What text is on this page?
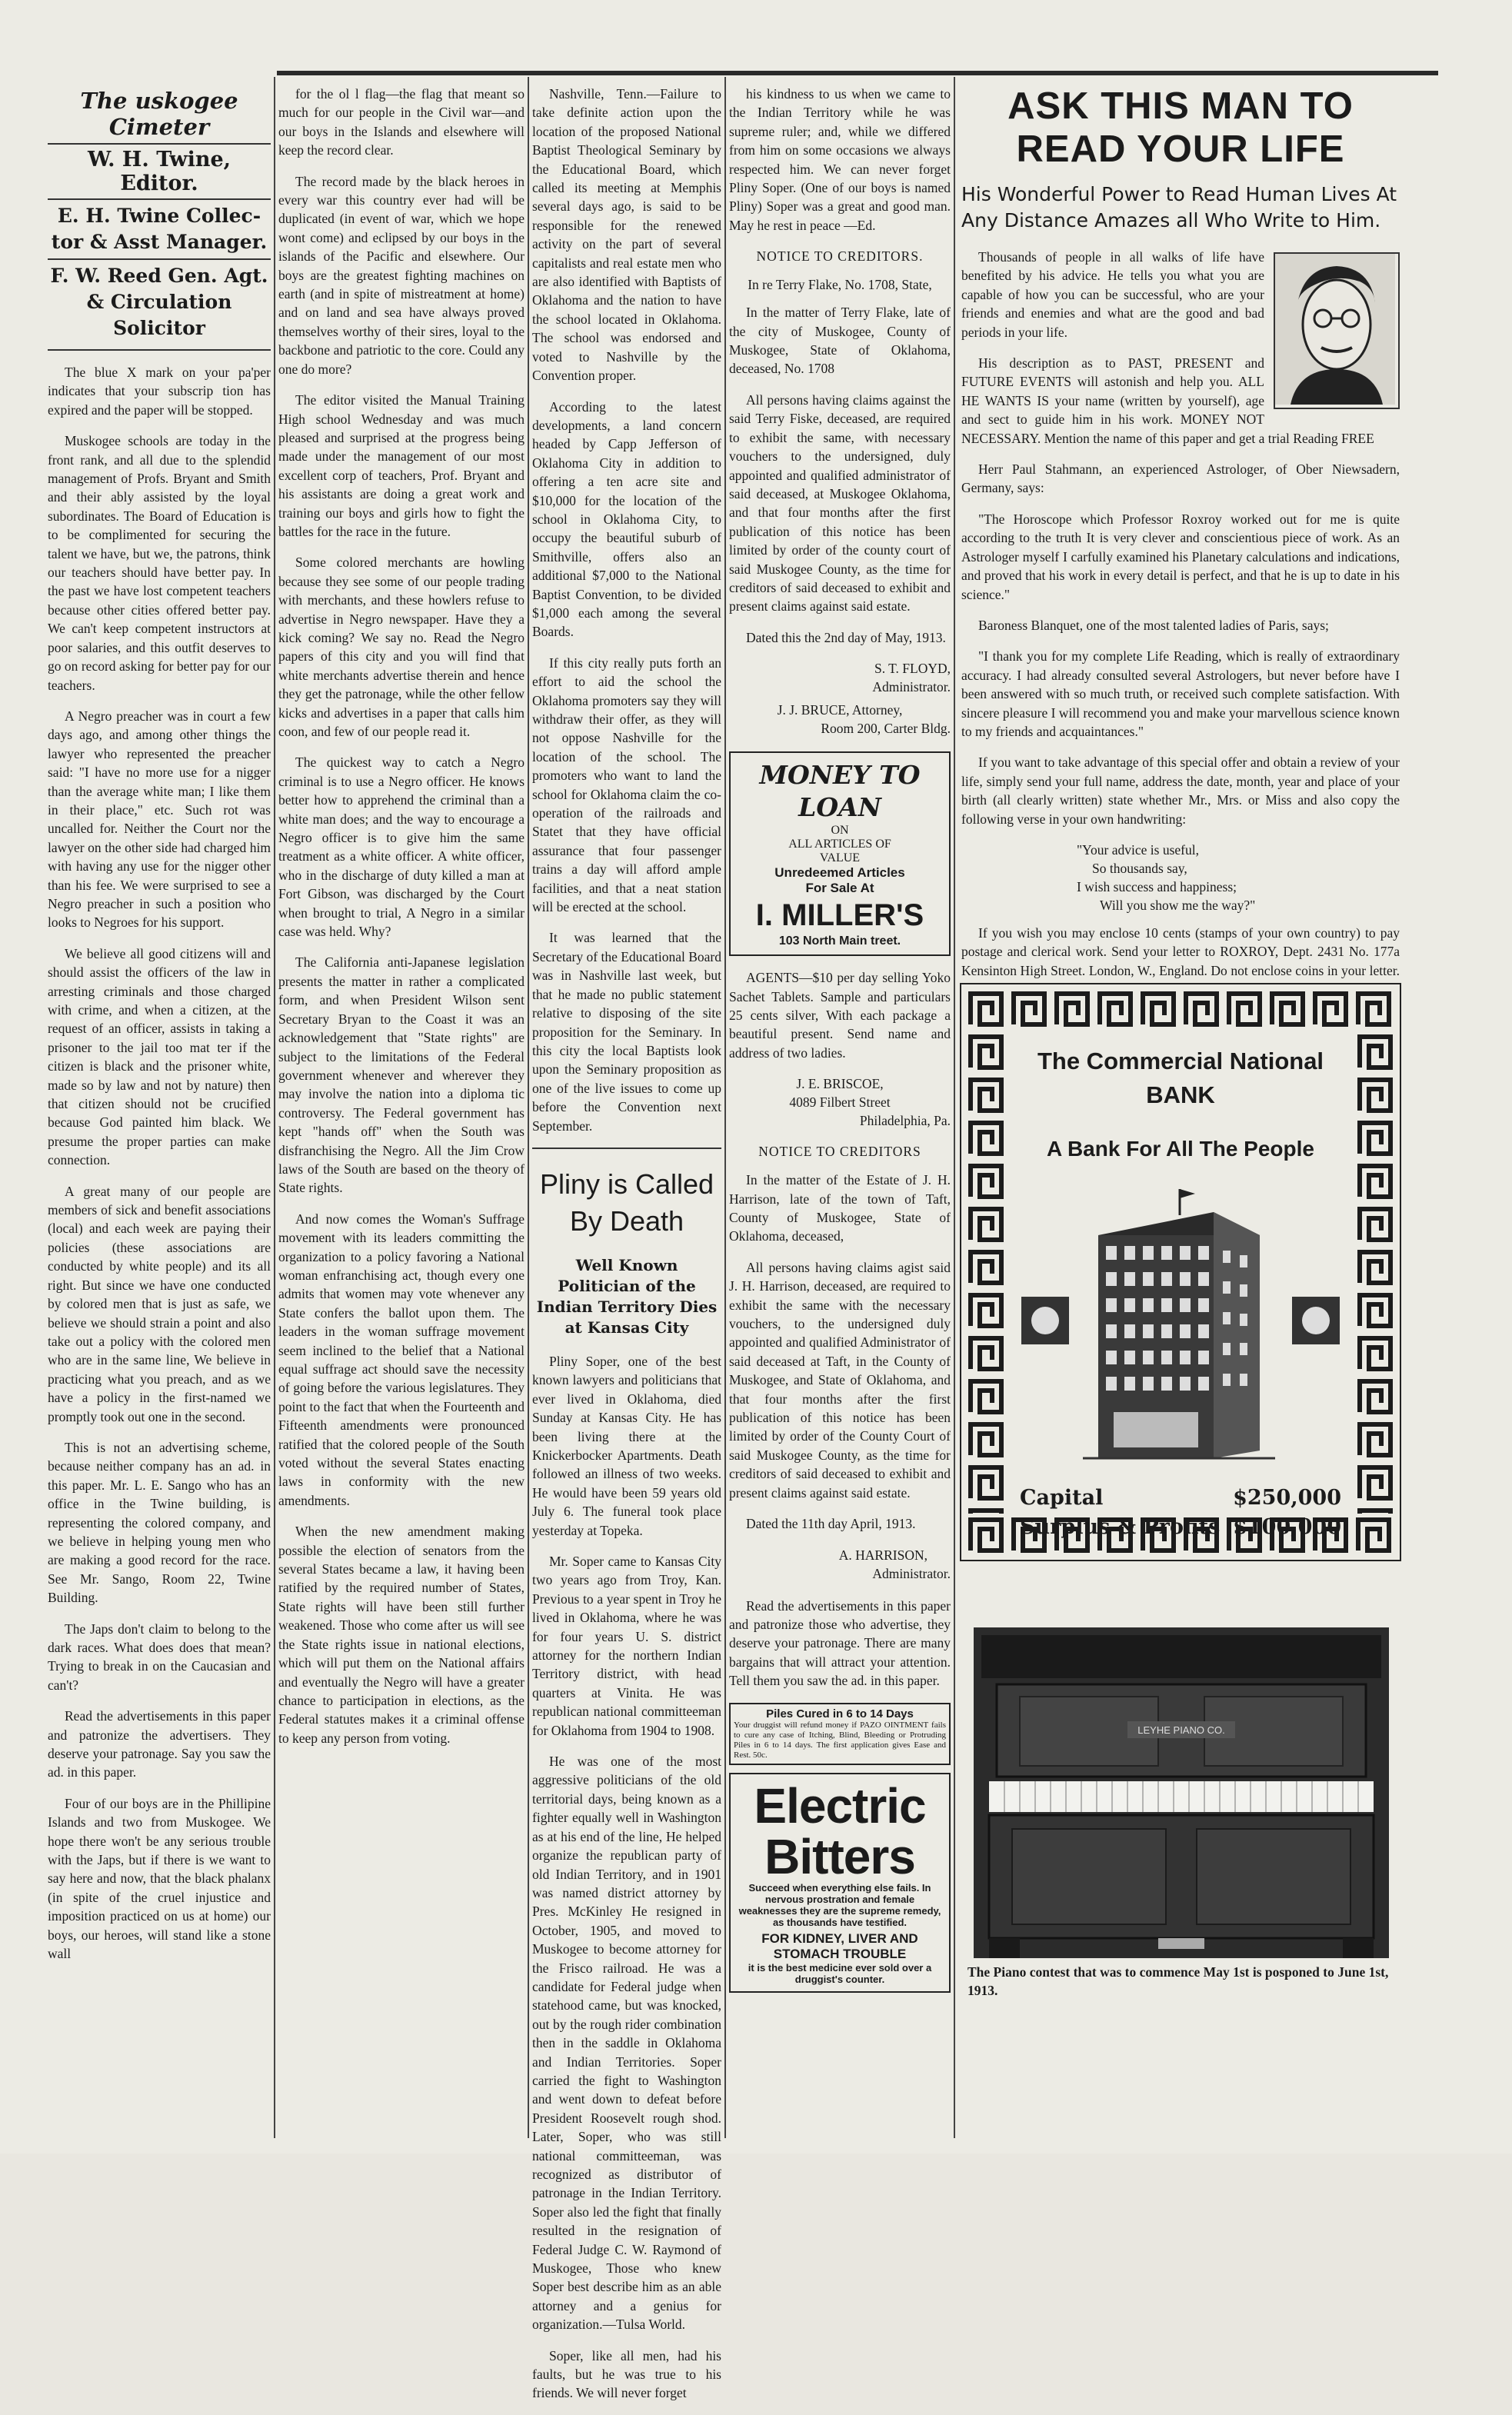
The uskogee Cimeter
W. H. Twine, Editor.
E. H. Twine Collec-
tor & Asst Manager.
F. W. Reed Gen. Agt.
& Circulation Solicitor

The blue X mark on your pa'per indicates that your subscrip tion has expired and the paper will be stopped.

Muskogee schools are today in the front rank, and all due to the splendid management of Profs. Bryant and Smith and their ably assisted by the loyal subordinates. The Board of Education is to be complimented for securing the talent we have, but we, the patrons, think our teachers should have better pay. In the past we have lost competent teachers because other cities offered better pay. We can't keep competent instructors at poor salaries, and this outfit deserves to go on record asking for better pay for our teachers.

A Negro preacher was in court a few days ago, and among other things the lawyer who represented the preacher said: "I have no more use for a nigger than the average white man; I like them in their place," etc. Such rot was uncalled for. Neither the Court nor the lawyer on the other side had charged him with having any use for the nigger other than his fee. We were surprised to see a Negro preacher in such a position who looks to Negroes for his support.

We believe all good citizens will and should assist the officers of the law in arresting criminals and those charged with crime, and when a citizen, at the request of an officer, assists in taking a prisoner to the jail too mat ter if the citizen is black and the prisoner white, made so by law and not by nature) then that citizen should not be crucified because God painted him black. We presume the proper parties can make connection.

A great many of our people are members of sick and benefit associations (local) and each week are paying their policies (these associations are conducted by white people) and its all right. But since we have one conducted by colored men that is just as safe, we believe we should strain a point and also take out a policy with the colored men who are in the same line, We believe in practicing what you preach, and as we have a policy in the first-named we promptly took out one in the second.

This is not an advertising scheme, because neither company has an ad. in this paper. Mr. L. E. Sango who has an office in the Twine building, is representing the colored company, and we believe in helping young men who are making a good record for the race. See Mr. Sango, Room 22, Twine Building.

The Japs don't claim to belong to the dark races. What does does that mean? Trying to break in on the Caucasian and can't?

Read the advertisements in this paper and patronize the advertisers. They deserve your patronage. Say you saw the ad. in this paper.

Four of our boys are in the Phillipine Islands and two from Muskogee. We hope there won't be any serious trouble with the Japs, but if there is we want to say here and now, that the black phalanx (in spite of the cruel injustice and imposition practiced on us at home) our boys, our heroes, will stand like a stone wall

for the ol l flag—the flag that meant so much for our people in the Civil war—and our boys in the Islands and elsewhere will keep the record clear.

The record made by the black heroes in every war this country ever had will be duplicated (in event of war, which we hope wont come) and eclipsed by our boys in the islands of the Pacific and elsewhere. Our boys are the greatest fighting machines on earth (and in spite of mistreatment at home) and on land and sea have always proved themselves worthy of their sires, loyal to the backbone and patriotic to the core. Could any one do more?

The editor visited the Manual Training High school Wednesday and was much pleased and surprised at the progress being made under the management of our most excellent corp of teachers, Prof. Bryant and his assistants are doing a great work and training our boys and girls how to fight the battles for the race in the future.

Some colored merchants are howling because they see some of our people trading with merchants, and these howlers refuse to advertise in Negro newspaper. Have they a kick coming? We say no. Read the Negro papers of this city and you will find that white merchants advertise therein and hence they get the patronage, while the other fellow kicks and advertises in a paper that calls him coon, and few of our people read it.

The quickest way to catch a Negro criminal is to use a Negro officer. He knows better how to apprehend the criminal than a white man does; and the way to encourage a Negro officer is to give him the same treatment as a white officer. A white officer, who in the discharge of duty killed a man at Fort Gibson, was discharged by the Court when brought to trial, A Negro in a similar case was held. Why?

The California anti-Japanese legislation presents the matter in rather a complicated form, and when President Wilson sent Secretary Bryan to the Coast it was an acknowledgement that "State rights" are subject to the limitations of the Federal government whenever and wherever they may involve the nation into a diploma tic controversy. The Federal government has kept "hands off" when the South was disfranchising the Negro. All the Jim Crow laws of the South are based on the theory of State rights.

And now comes the Woman's Suffrage movement with its leaders committing the organization to a policy favoring a National woman enfranchising act, though every one admits that women may vote whenever any State confers the ballot upon them. The leaders in the woman suffrage movement seem inclined to the belief that a National equal suffrage act should save the necessity of going before the various legislatures. They point to the fact that when the Fourteenth and Fifteenth amendments were pronounced ratified that the colored people of the South voted without the several States enacting laws in conformity with the new amendments.

When the new amendment making possible the election of senators from the several States became a law, it having been ratified by the required number of States, State rights will have been still further weakened. Those who come after us will see the State rights issue in national elections, which will put them on the National affairs and eventually the Negro will have a greater chance to participation in elections, as the Federal statutes makes it a criminal offense to keep any person from voting.

Nashville, Tenn.—Failure to take definite action upon the location of the proposed National Baptist Theological Seminary by the Educational Board, which called its meeting at Memphis several days ago, is said to be responsible for the renewed activity on the part of several capitalists and real estate men who are also identified with Baptists of Oklahoma and the nation to have the school located in Oklahoma. The school was endorsed and voted to Nashville by the Convention proper.

According to the latest developments, a land concern headed by Capp Jefferson of Oklahoma City in addition to offering a ten acre site and $10,000 for the location of the school in Oklahoma City, to occupy the beautiful suburb of Smithville, offers also an additional $7,000 to the National Baptist Convention, to be divided $1,000 each among the several Boards.

If this city really puts forth an effort to aid the school the Oklahoma promoters say they will withdraw their offer, as they will not oppose Nashville for the location of the school. The promoters who want to land the school for Oklahoma claim the co-operation of the railroads and Statet that they have official assurance that four passenger trains a day will afford ample facilities, and that a neat station will be erected at the school.

It was learned that the Secretary of the Educational Board was in Nashville last week, but that he made no public statement relative to disposing of the site proposition for the Seminary. In this city the local Baptists look upon the Seminary proposition as one of the live issues to come up before the Convention next September.

Pliny is Called By Death
Well Known Politician of the Indian Territory Dies at Kansas City

Pliny Soper, one of the best known lawyers and politicians that ever lived in Oklahoma, died Sunday at Kansas City. He has been living there at the Knickerbocker Apartments. Death followed an illness of two weeks. He would have been 59 years old July 6. The funeral took place yesterday at Topeka.

Mr. Soper came to Kansas City two years ago from Troy, Kan. Previous to a year spent in Troy he lived in Oklahoma, where he was for four years U. S. district attorney for the northern Indian Territory district, with head quarters at Vinita. He was republican national committeeman for Oklahoma from 1904 to 1908.

He was one of the most aggressive politicians of the old territorial days, being known as a fighter equally well in Washington as at his end of the line, He helped organize the republican party of old Indian Territory, and in 1901 was named district attorney by Pres. McKinley He resigned in October, 1905, and moved to Muskogee to become attorney for the Frisco railroad. He was a candidate for Federal judge when statehood came, but was knocked, out by the rough rider combination then in the saddle in Oklahoma and Indian Territories. Soper carried the fight to Washington and went down to defeat before President Roosevelt rough shod. Later, Soper, who was still national committeeman, was recognized as distributor of patronage in the Indian Territory. Soper also led the fight that finally resulted in the resignation of Federal Judge C. W. Raymond of Muskogee, Those who knew Soper best describe him as an able attorney and a genius for organization.—Tulsa World.

Soper, like all men, had his faults, but he was true to his friends. We will never forget

his kindness to us when we came to the Indian Territory while he was supreme ruler; and, while we differed from him on some occasions we always respected him. We can never forget Pliny Soper. (One of our boys is named Pliny) Soper was a great and good man. May he rest in peace —Ed.

NOTICE TO CREDITORS.
In re Terry Flake, No. 1708, State,

In the matter of Terry Flake, late of the city of Muskogee, County of Muskogee, State of Oklahoma, deceased, No. 1708

All persons having claims against the said Terry Fiske, deceased, are required to exhibit the same, with necessary vouchers to the undersigned, duly appointed and qualified administrator of said deceased, at Muskogee Oklahoma, and that four months after the first publication of this notice has been limited by order of the county court of said Muskogee County, as the time for creditors of said deceased to exhibit and present claims against said estate.

Dated this the 2nd day of May, 1913.

S. T. FLOYD,

Administrator.

J. J. BRUCE, Attorney,

Room 200, Carter Bldg.

MONEY TO LOAN
ON
ALL ARTICLES OF
VALUE
Unredeemed Articles
For Sale At
I. MILLER'S
103 North Main treet.

AGENTS—$10 per day selling Yoko Sachet Tablets. Sample and particulars 25 cents silver, With each package a beautiful present. Send name and address of two ladies.

J. E. BRISCOE,

4089 Filbert Street

Philadelphia, Pa.

NOTICE TO CREDITORS

In the matter of the Estate of J. H. Harrison, late of the town of Taft, County of Muskogee, State of Oklahoma, deceased,

All persons having claims agist said J. H. Harrison, deceased, are required to exhibit the same with the necessary vouchers, to the undersigned duly appointed and qualified Administrator of said deceased at Taft, in the County of Muskogee, and State of Oklahoma, and that four months after the first publication of this notice has been limited by order of the County Court of said Muskogee County, as the time for creditors of said deceased to exhibit and present claims against said estate.

Dated the 11th day April, 1913.

A. HARRISON,

Administrator.

Read the advertisements in this paper and patronize those who advertise, they deserve your patronage. There are many bargains that will attract your attention. Tell them you saw the ad. in this paper.

Piles Cured in 6 to 14 Days
Your druggist will refund money if PAZO OINTMENT fails to cure any case of Itching, Blind, Bleeding or Protruding Piles in 6 to 14 days. The first application gives Ease and Rest. 50c.
Electric
Bitters
Succeed when everything else fails. In nervous prostration and female weaknesses they are the supreme remedy, as thousands have testified.
FOR KIDNEY, LIVER AND
STOMACH TROUBLE
it is the best medicine ever sold over a druggist's counter.
ASK THIS MAN TO
READ YOUR LIFE
His Wonderful Power to Read Human Lives At Any Distance Amazes all Who Write to Him.

Thousands of people in all walks of life have benefited by his advice. He tells you what you are capable of how you can be successful, who are your friends and enemies and what are the good and bad periods in your life.

His description as to PAST, PRESENT and FUTURE EVENTS will astonish and help you. ALL HE WANTS IS your name (written by yourself), age and sect to guide him in his work. MONEY NOT NECESSARY. Mention the name of this paper and get a trial Reading FREE

Herr Paul Stahmann, an experienced Astrologer, of Ober Niewsadern, Germany, says:

"The Horoscope which Professor Roxroy worked out for me is quite according to the truth It is very clever and conscientious piece of work. As an Astrologer myself I carfully examined his Planetary calculations and indications, and proved that his work in every detail is perfect, and that he is up to date in his science."

Baroness Blanquet, one of the most talented ladies of Paris, says;

"I thank you for my complete Life Reading, which is really of extraordinary accuracy. I had already consulted several Astrologers, but never before have I been answered with so much truth, or received such complete satisfaction. With sincere pleasure I will recommend you and make your marvellous science known to my friends and acquaintances."

If you want to take advantage of this special offer and obtain a review of your life, simply send your full name, address the date, month, year and place of your birth (all clearly written) state whether Mr., Mrs. or Miss and also copy the following verse in your own handwriting:

"Your advice is useful,
So thousands say,
I wish success and happiness;
Will you show me the way?"

If you wish you may enclose 10 cents (stamps of your own country) to pay postage and clerical work. Send your letter to ROXROY, Dept. 2431 No. 177a Kensinton High Street. London, W., England. Do not enclose coins in your letter.

The Commercial National
BANK
A Bank For All The People
Capital	$250,000
Surplus & Profits $100,000
LEYHE PIANO CO.
The Piano contest that was to commence May 1st is posponed to June 1st, 1913.
